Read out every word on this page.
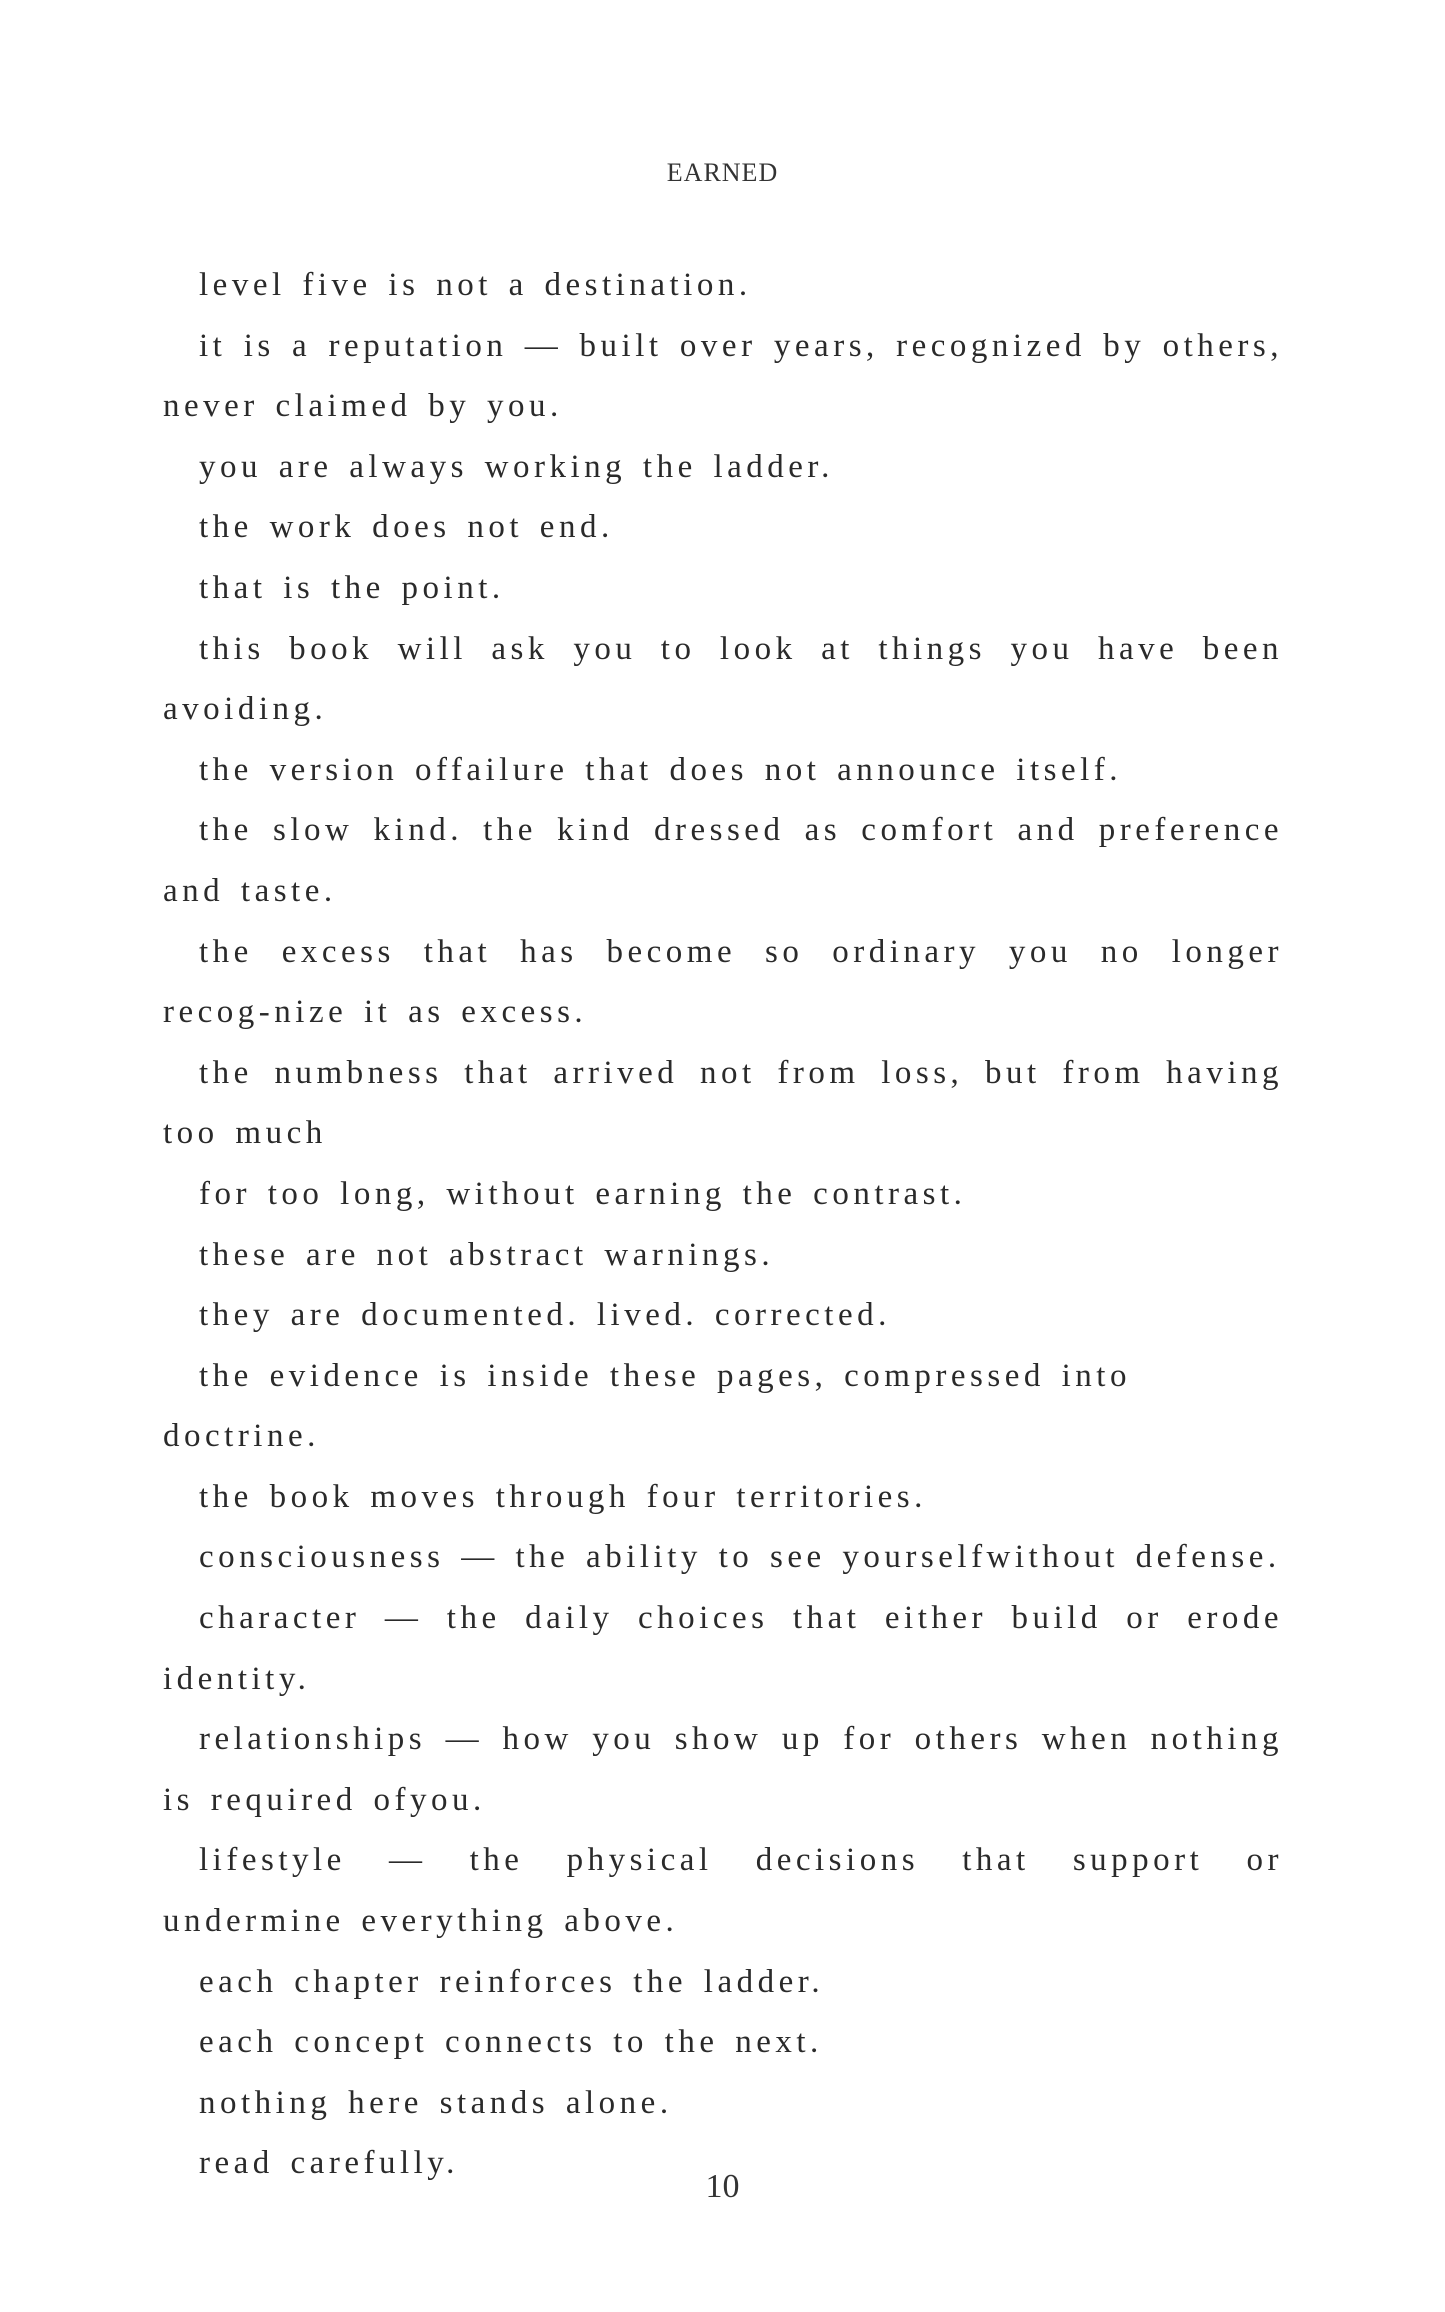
EARNED

level five is not a destination.

it is a reputation — built over years, recognized by others, never claimed by you.

you are always working the ladder.

the work does not end.

that is the point.

this book will ask you to look at things you have been avoiding.

the version offailure that does not announce itself.

the slow kind. the kind dressed as comfort and preference and taste.

the excess that has become so ordinary you no longer recog-nize it as excess.

the numbness that arrived not from loss, but from having too much

for too long, without earning the contrast.

these are not abstract warnings.

they are documented. lived. corrected.

the evidence is inside these pages, compressed into doctrine.

the book moves through four territories.

consciousness — the ability to see yourselfwithout defense.

character — the daily choices that either build or erode identity.

relationships — how you show up for others when nothing is required ofyou.

lifestyle — the physical decisions that support or undermine everything above.

each chapter reinforces the ladder.

each concept connects to the next.

nothing here stands alone.

read carefully.

10
